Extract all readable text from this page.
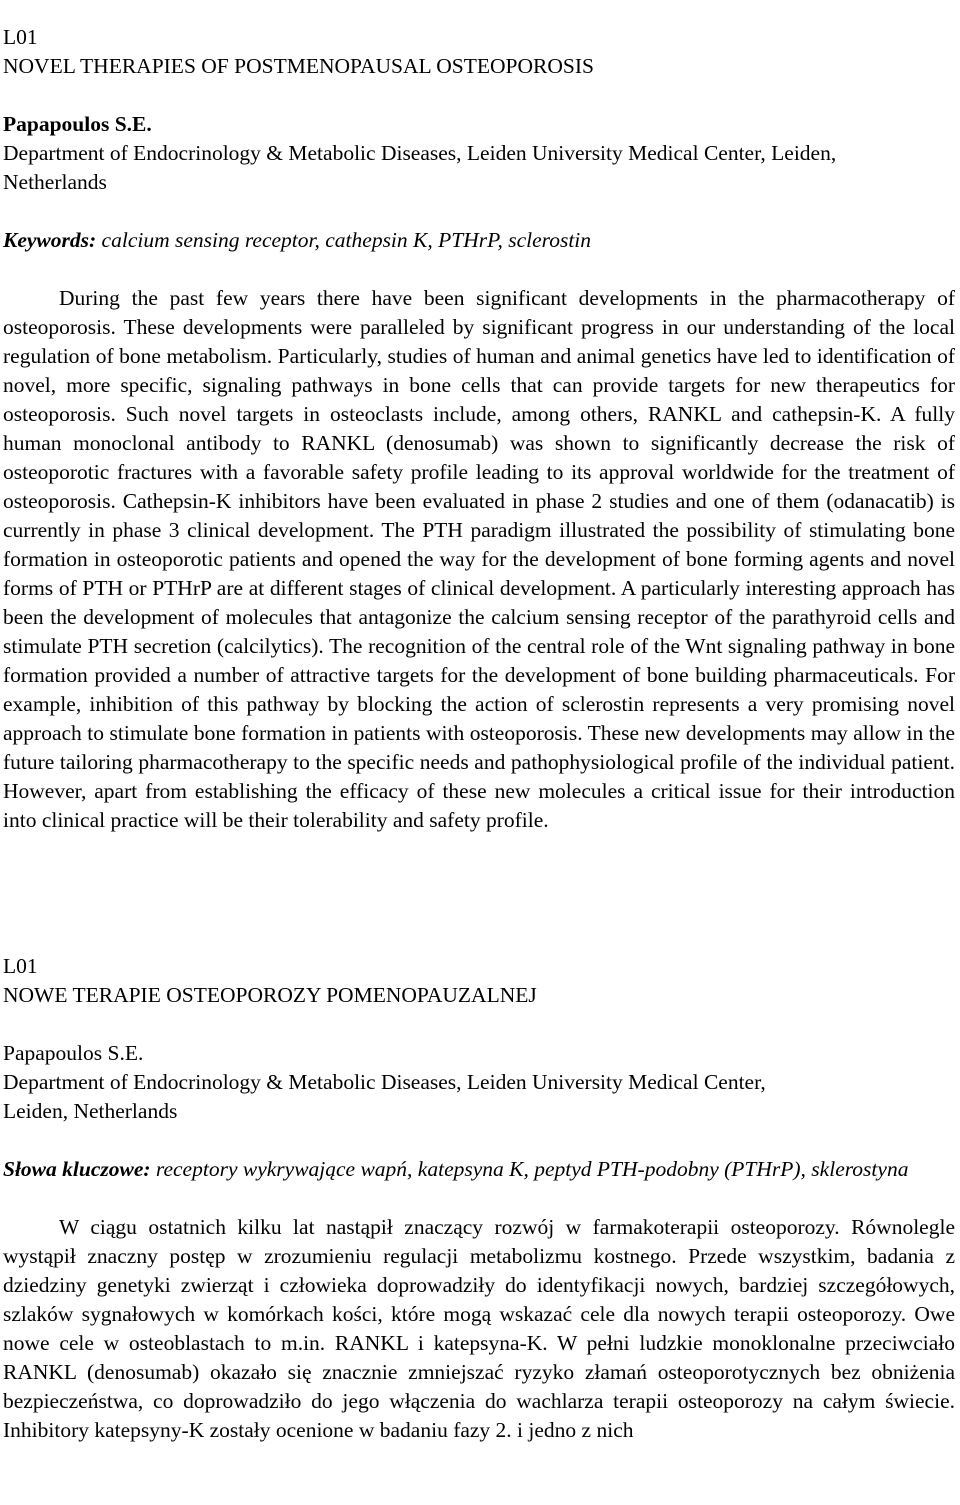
L01

NOVEL THERAPIES OF POSTMENOPAUSAL OSTEOPOROSIS

Papapoulos S.E.

Department of Endocrinology & Metabolic Diseases, Leiden University Medical Center, Leiden, Netherlands

Keywords: calcium sensing receptor, cathepsin K, PTHrP, sclerostin

During the past few years there have been significant developments in the pharmacotherapy of osteoporosis. These developments were paralleled by significant progress in our understanding of the local regulation of bone metabolism. Particularly, studies of human and animal genetics have led to identification of novel, more specific, signaling pathways in bone cells that can provide targets for new therapeutics for osteoporosis. Such novel targets in osteoclasts include, among others, RANKL and cathepsin-K. A fully human monoclonal antibody to RANKL (denosumab) was shown to significantly decrease the risk of osteoporotic fractures with a favorable safety profile leading to its approval worldwide for the treatment of osteoporosis. Cathepsin-K inhibitors have been evaluated in phase 2 studies and one of them (odanacatib) is currently in phase 3 clinical development. The PTH paradigm illustrated the possibility of stimulating bone formation in osteoporotic patients and opened the way for the development of bone forming agents and novel forms of PTH or PTHrP are at different stages of clinical development. A particularly interesting approach has been the development of molecules that antagonize the calcium sensing receptor of the parathyroid cells and stimulate PTH secretion (calcilytics). The recognition of the central role of the Wnt signaling pathway in bone formation provided a number of attractive targets for the development of bone building pharmaceuticals. For example, inhibition of this pathway by blocking the action of sclerostin represents a very promising novel approach to stimulate bone formation in patients with osteoporosis. These new developments may allow in the future tailoring pharmacotherapy to the specific needs and pathophysiological profile of the individual patient. However, apart from establishing the efficacy of these new molecules a critical issue for their introduction into clinical practice will be their tolerability and safety profile.

L01

NOWE TERAPIE OSTEOPOROZY POMENOPAUZALNEJ

Papapoulos S.E.

Department of Endocrinology & Metabolic Diseases, Leiden University Medical Center,

Leiden, Netherlands

Słowa kluczowe: receptory wykrywające wapń, katepsyna K, peptyd PTH-podobny (PTHrP), sklerostyna

W ciągu ostatnich kilku lat nastąpił znaczący rozwój w farmakoterapii osteoporozy. Równolegle wystąpił znaczny postęp w zrozumieniu regulacji metabolizmu kostnego. Przede wszystkim, badania z dziedziny genetyki zwierząt i człowieka doprowadziły do identyfikacji nowych, bardziej szczegółowych, szlaków sygnałowych w komórkach kości, które mogą wskazać cele dla nowych terapii osteoporozy. Owe nowe cele w osteoblastach to m.in. RANKL i katepsyna-K. W pełni ludzkie monoklonalne przeciwciało RANKL (denosumab) okazało się znacznie zmniejszać ryzyko złamań osteoporotycznych bez obniżenia bezpieczeństwa, co doprowadziło do jego włączenia do wachlarza terapii osteoporozy na całym świecie. Inhibitory katepsyny-K zostały ocenione w badaniu fazy 2. i jedno z nich
